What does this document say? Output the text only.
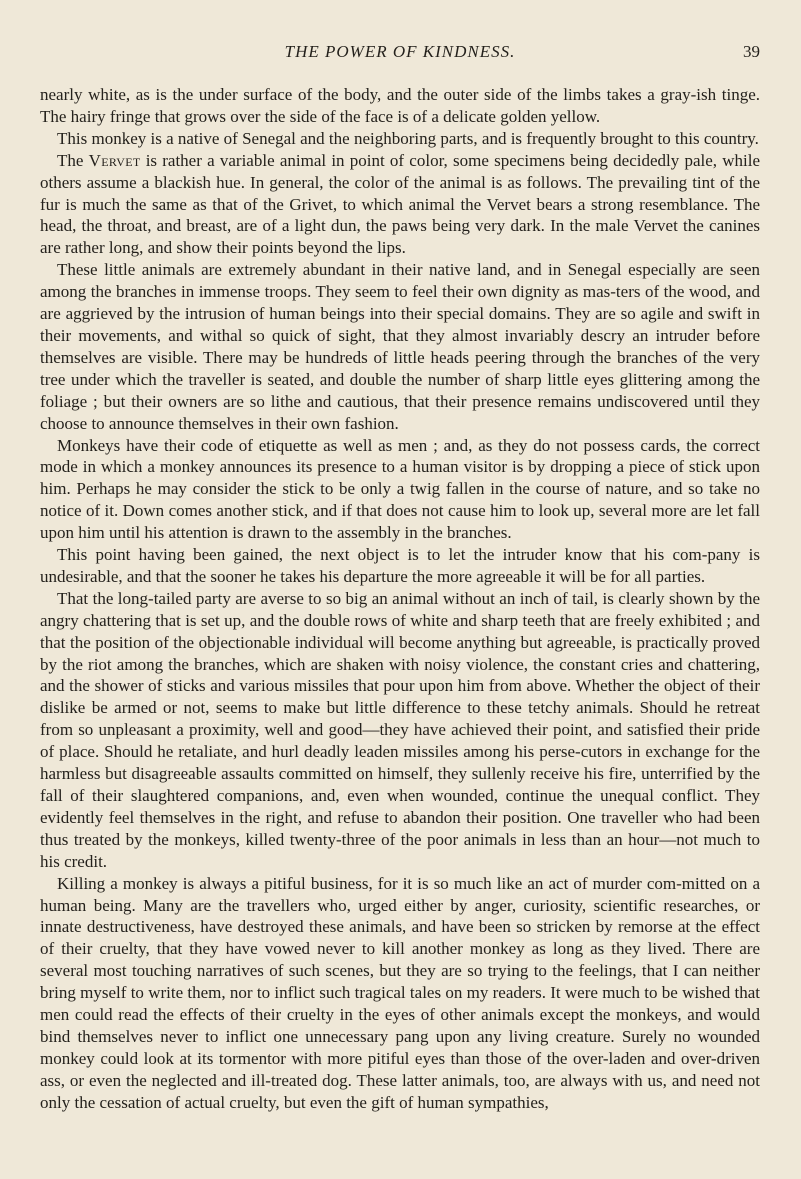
THE POWER OF KINDNESS.	39

nearly white, as is the under surface of the body, and the outer side of the limbs takes a gray-ish tinge. The hairy fringe that grows over the side of the face is of a delicate golden yellow.

This monkey is a native of Senegal and the neighboring parts, and is frequently brought to this country.

The Vervet is rather a variable animal in point of color, some specimens being decidedly pale, while others assume a blackish hue. In general, the color of the animal is as follows. The prevailing tint of the fur is much the same as that of the Grivet, to which animal the Vervet bears a strong resemblance. The head, the throat, and breast, are of a light dun, the paws being very dark. In the male Vervet the canines are rather long, and show their points beyond the lips.

These little animals are extremely abundant in their native land, and in Senegal especially are seen among the branches in immense troops. They seem to feel their own dignity as mas-ters of the wood, and are aggrieved by the intrusion of human beings into their special domains. They are so agile and swift in their movements, and withal so quick of sight, that they almost invariably descry an intruder before themselves are visible. There may be hundreds of little heads peering through the branches of the very tree under which the traveller is seated, and double the number of sharp little eyes glittering among the foliage ; but their owners are so lithe and cautious, that their presence remains undiscovered until they choose to announce themselves in their own fashion.

Monkeys have their code of etiquette as well as men ; and, as they do not possess cards, the correct mode in which a monkey announces its presence to a human visitor is by dropping a piece of stick upon him. Perhaps he may consider the stick to be only a twig fallen in the course of nature, and so take no notice of it. Down comes another stick, and if that does not cause him to look up, several more are let fall upon him until his attention is drawn to the assembly in the branches.

This point having been gained, the next object is to let the intruder know that his com-pany is undesirable, and that the sooner he takes his departure the more agreeable it will be for all parties.

That the long-tailed party are averse to so big an animal without an inch of tail, is clearly shown by the angry chattering that is set up, and the double rows of white and sharp teeth that are freely exhibited ; and that the position of the objectionable individual will become anything but agreeable, is practically proved by the riot among the branches, which are shaken with noisy violence, the constant cries and chattering, and the shower of sticks and various missiles that pour upon him from above. Whether the object of their dislike be armed or not, seems to make but little difference to these tetchy animals. Should he retreat from so unpleasant a proximity, well and good—they have achieved their point, and satisfied their pride of place. Should he retaliate, and hurl deadly leaden missiles among his perse-cutors in exchange for the harmless but disagreeable assaults committed on himself, they sullenly receive his fire, unterrified by the fall of their slaughtered companions, and, even when wounded, continue the unequal conflict. They evidently feel themselves in the right, and refuse to abandon their position. One traveller who had been thus treated by the monkeys, killed twenty-three of the poor animals in less than an hour—not much to his credit.

Killing a monkey is always a pitiful business, for it is so much like an act of murder com-mitted on a human being. Many are the travellers who, urged either by anger, curiosity, scientific researches, or innate destructiveness, have destroyed these animals, and have been so stricken by remorse at the effect of their cruelty, that they have vowed never to kill another monkey as long as they lived. There are several most touching narratives of such scenes, but they are so trying to the feelings, that I can neither bring myself to write them, nor to inflict such tragical tales on my readers. It were much to be wished that men could read the effects of their cruelty in the eyes of other animals except the monkeys, and would bind themselves never to inflict one unnecessary pang upon any living creature. Surely no wounded monkey could look at its tormentor with more pitiful eyes than those of the over-laden and over-driven ass, or even the neglected and ill-treated dog. These latter animals, too, are always with us, and need not only the cessation of actual cruelty, but even the gift of human sympathies,
